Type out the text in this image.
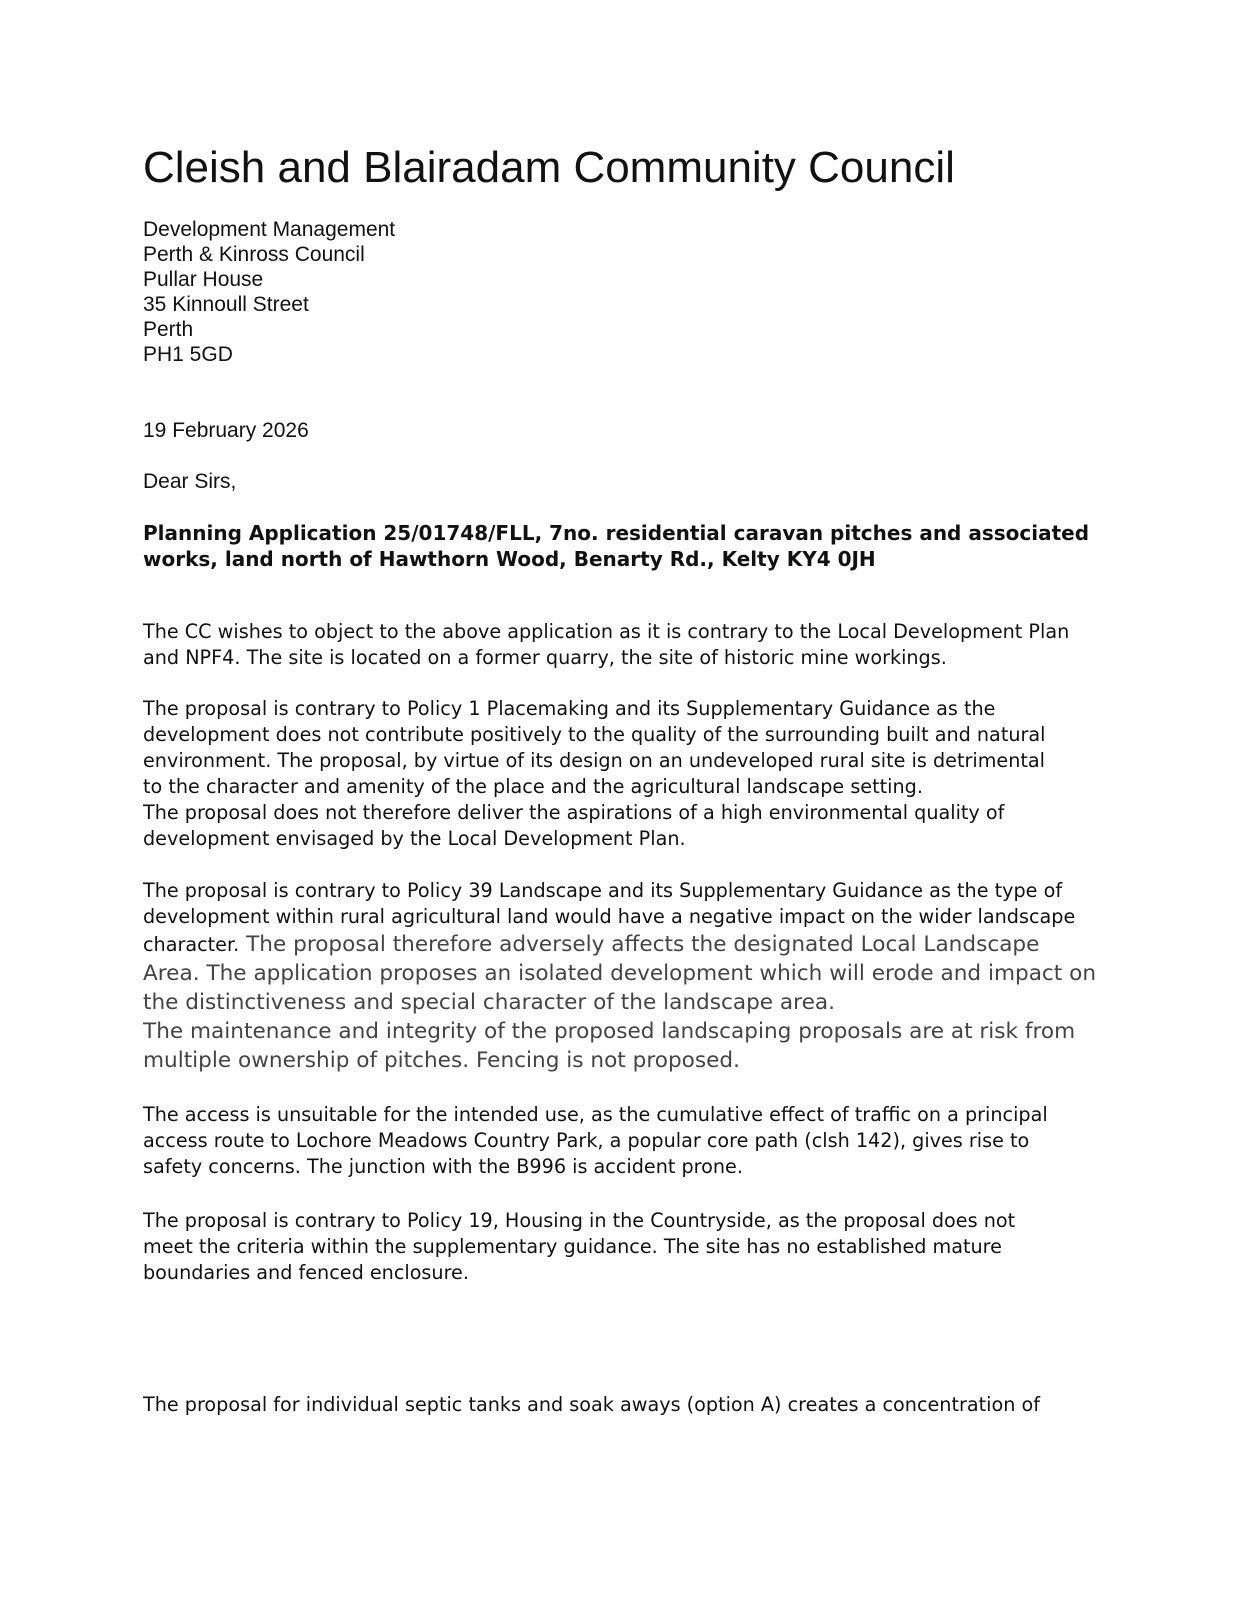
Cleish and Blairadam Community Council
Development Management
Perth & Kinross Council
Pullar House
35 Kinnoull Street
Perth
PH1 5GD
19 February 2026
Dear Sirs,
Planning Application 25/01748/FLL, 7no. residential caravan pitches and associated
works, land north of Hawthorn Wood, Benarty Rd., Kelty KY4 0JH
The CC wishes to object to the above application as it is contrary to the Local Development Plan
and NPF4. The site is located on a former quarry, the site of historic mine workings.
The proposal is contrary to Policy 1 Placemaking and its Supplementary Guidance as the
development does not contribute positively to the quality of the surrounding built and natural
environment. The proposal, by virtue of its design on an undeveloped rural site is detrimental
to the character and amenity of the place and the agricultural landscape setting.
The proposal does not therefore deliver the aspirations of a high environmental quality of
development envisaged by the Local Development Plan.
The proposal is contrary to Policy 39 Landscape and its Supplementary Guidance as the type of
development within rural agricultural land would have a negative impact on the wider landscape
character. The proposal therefore adversely affects the designated Local Landscape
Area. The application proposes an isolated development which will erode and impact on
the distinctiveness and special character of the landscape area.
The maintenance and integrity of the proposed landscaping proposals are at risk from
multiple ownership of pitches. Fencing is not proposed.
The access is unsuitable for the intended use, as the cumulative effect of traffic on a principal
access route to Lochore Meadows Country Park, a popular core path (clsh 142), gives rise to
safety concerns. The junction with the B996 is accident prone.
The proposal is contrary to Policy 19, Housing in the Countryside, as the proposal does not
meet the criteria within the supplementary guidance. The site has no established mature
boundaries and fenced enclosure.
The proposal for individual septic tanks and soak aways (option A) creates a concentration of
